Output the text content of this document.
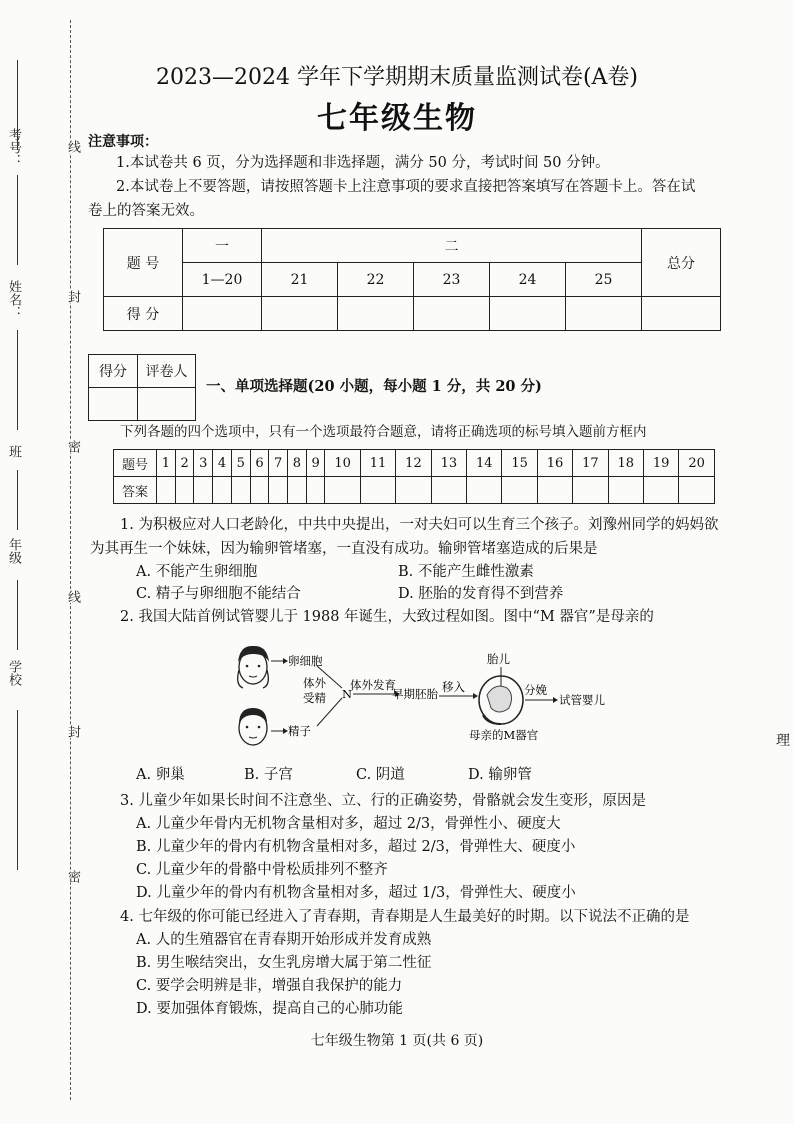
考号：
姓名：
班
年级
学校
线
封
密
线
封
密
理
2023—2024 学年下学期期末质量监测试卷(A卷)
七年级生物
注意事项：
1.本试卷共 6 页，分为选择题和非选择题，满分 50 分，考试时间 50 分钟。
2.本试卷上不要答题，请按照答题卡上注意事项的要求直接把答案填写在答题卡上。答在试
卷上的答案无效。
题 号	一	二					总分
	1—20	21	22	23	24	25	
得 分							
得分	评卷人

一、单项选择题(20 小题，每小题 1 分，共 20 分)
下列各题的四个选项中，只有一个选项最符合题意，请将正确选项的标号填入题前方框内
题号	1	2	3	4	5	6	7	8	9	10	11	12	13	14	15	16	17	18	19	20
答案																				
1. 为积极应对人口老龄化，中共中央提出，一对夫妇可以生育三个孩子。刘豫州同学的妈妈欲
为其再生一个妹妹，因为输卵管堵塞，一直没有成功。输卵管堵塞造成的后果是
A. 不能产生卵细胞	B. 不能产生雌性激素
C. 精子与卵细胞不能结合	D. 胚胎的发育得不到营养
2. 我国大陆首例试管婴儿于 1988 年诞生，大致过程如图。图中“M 器官”是母亲的
卵细胞
精子
体外
受精 N
体外发育
早期胚胎 移入
胎儿
母亲的M器官
分娩
试管婴儿
A. 卵巢	B. 子宫	C. 阴道	D. 输卵管
3. 儿童少年如果长时间不注意坐、立、行的正确姿势，骨骼就会发生变形，原因是
A. 儿童少年骨内无机物含量相对多，超过 2/3，骨弹性小、硬度大
B. 儿童少年的骨内有机物含量相对多，超过 2/3，骨弹性大、硬度小
C. 儿童少年的骨骼中骨松质排列不整齐
D. 儿童少年的骨内有机物含量相对多，超过 1/3，骨弹性大、硬度小
4. 七年级的你可能已经进入了青春期，青春期是人生最美好的时期。以下说法不正确的是
A. 人的生殖器官在青春期开始形成并发育成熟
B. 男生喉结突出，女生乳房增大属于第二性征
C. 要学会明辨是非，增强自我保护的能力
D. 要加强体育锻炼，提高自己的心肺功能
七年级生物第 1 页(共 6 页)
